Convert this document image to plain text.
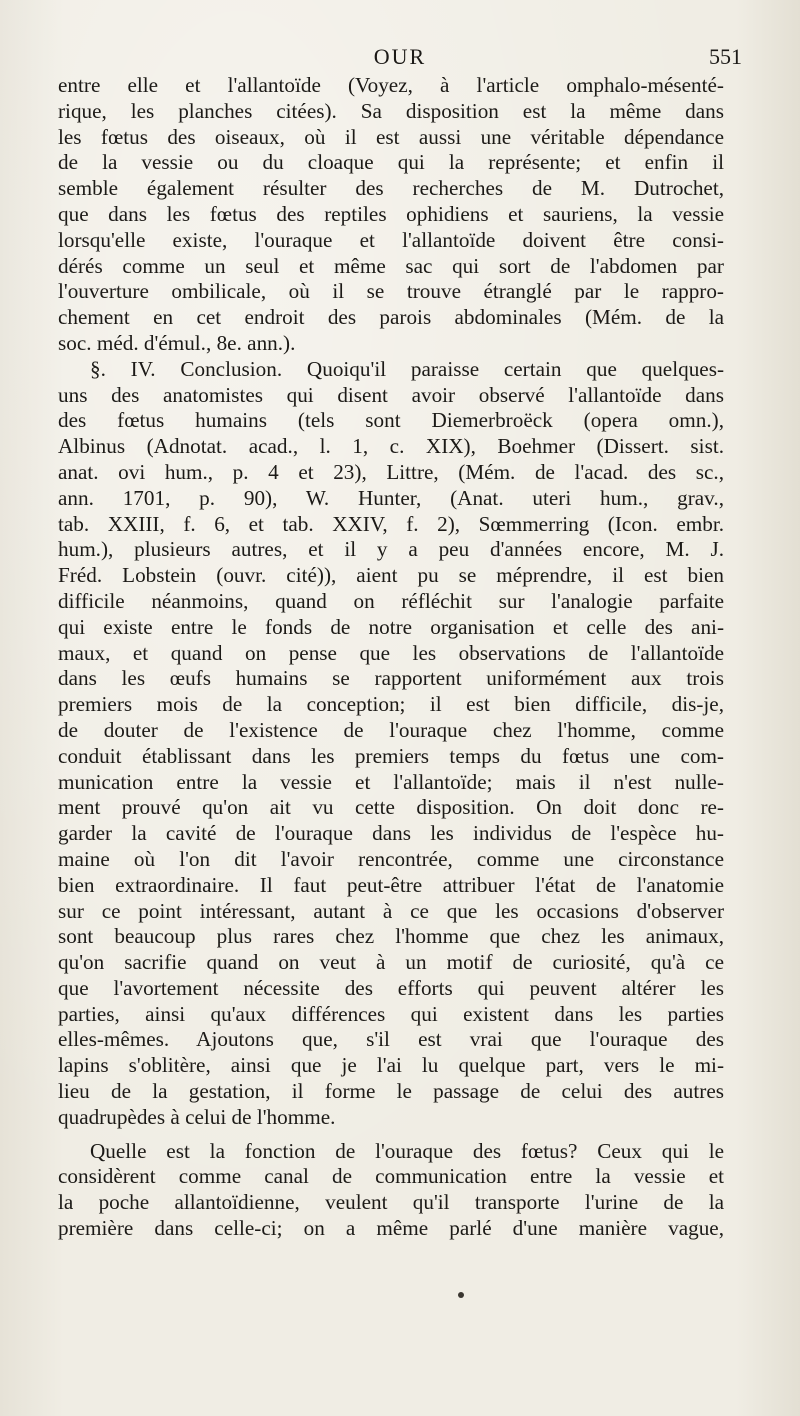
OUR	551
entre elle et l'allantoïde (Voyez, à l'article omphalo-mésenté-
rique, les planches citées). Sa disposition est la même dans
les fœtus des oiseaux, où il est aussi une véritable dépendance
de la vessie ou du cloaque qui la représente; et enfin il
semble également résulter des recherches de M. Dutrochet,
que dans les fœtus des reptiles ophidiens et sauriens, la vessie
lorsqu'elle existe, l'ouraque et l'allantoïde doivent être consi-
dérés comme un seul et même sac qui sort de l'abdomen par
l'ouverture ombilicale, où il se trouve étranglé par le rappro-
chement en cet endroit des parois abdominales (Mém. de la
soc. méd. d'émul., 8e. ann.).
§. IV. Conclusion. Quoiqu'il paraisse certain que quelques-
uns des anatomistes qui disent avoir observé l'allantoïde dans
des fœtus humains (tels sont Diemerbroëck (opera omn.),
Albinus (Adnotat. acad., l. 1, c. XIX), Boehmer (Dissert. sist.
anat. ovi hum., p. 4 et 23), Littre, (Mém. de l'acad. des sc.,
ann. 1701, p. 90), W. Hunter, (Anat. uteri hum., grav.,
tab. XXIII, f. 6, et tab. XXIV, f. 2), Sœmmerring (Icon. embr.
hum.), plusieurs autres, et il y a peu d'années encore, M. J.
Fréd. Lobstein (ouvr. cité)), aient pu se méprendre, il est bien
difficile néanmoins, quand on réfléchit sur l'analogie parfaite
qui existe entre le fonds de notre organisation et celle des ani-
maux, et quand on pense que les observations de l'allantoïde
dans les œufs humains se rapportent uniformément aux trois
premiers mois de la conception; il est bien difficile, dis-je,
de douter de l'existence de l'ouraque chez l'homme, comme
conduit établissant dans les premiers temps du fœtus une com-
munication entre la vessie et l'allantoïde; mais il n'est nulle-
ment prouvé qu'on ait vu cette disposition. On doit donc re-
garder la cavité de l'ouraque dans les individus de l'espèce hu-
maine où l'on dit l'avoir rencontrée, comme une circonstance
bien extraordinaire. Il faut peut-être attribuer l'état de l'anatomie
sur ce point intéressant, autant à ce que les occasions d'observer
sont beaucoup plus rares chez l'homme que chez les animaux,
qu'on sacrifie quand on veut à un motif de curiosité, qu'à ce
que l'avortement nécessite des efforts qui peuvent altérer les
parties, ainsi qu'aux différences qui existent dans les parties
elles-mêmes. Ajoutons que, s'il est vrai que l'ouraque des
lapins s'oblitère, ainsi que je l'ai lu quelque part, vers le mi-
lieu de la gestation, il forme le passage de celui des autres
quadrupèdes à celui de l'homme.
Quelle est la fonction de l'ouraque des fœtus? Ceux qui le
considèrent comme canal de communication entre la vessie et
la poche allantoïdienne, veulent qu'il transporte l'urine de la
première dans celle-ci; on a même parlé d'une manière vague,
